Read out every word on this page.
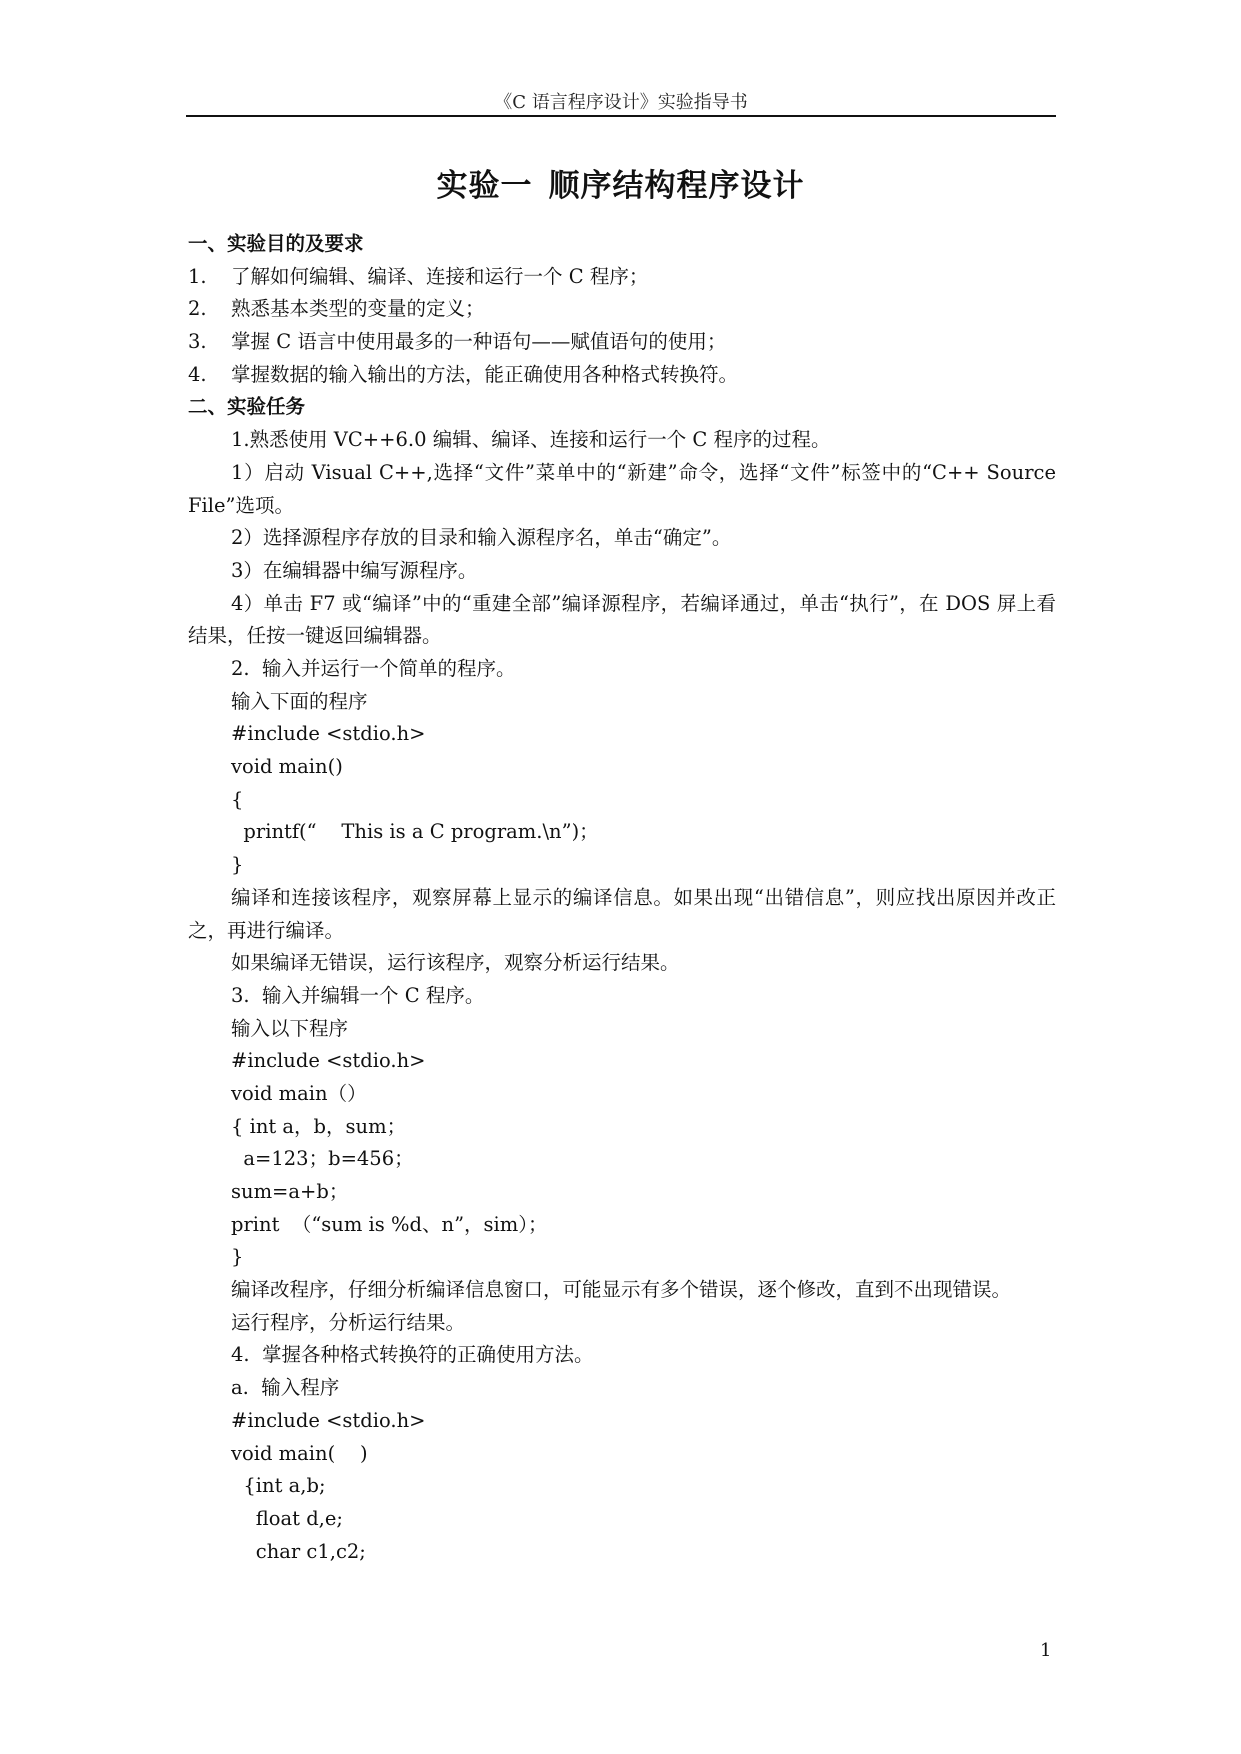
《C 语言程序设计》实验指导书
实验一 顺序结构程序设计
一、实验目的及要求
1. 了解如何编辑、编译、连接和运行一个 C 程序；
2. 熟悉基本类型的变量的定义；
3. 掌握 C 语言中使用最多的一种语句——赋值语句的使用；
4. 掌握数据的输入输出的方法，能正确使用各种格式转换符。
二、实验任务
1.熟悉使用 VC++6.0 编辑、编译、连接和运行一个 C 程序的过程。
1）启动 Visual C++,选择“文件”菜单中的“新建”命令，选择“文件”标签中的“C++ Source File”选项。
2）选择源程序存放的目录和输入源程序名，单击“确定”。
3）在编辑器中编写源程序。
4）单击 F7 或“编译”中的“重建全部”编译源程序，若编译通过，单击“执行”，在 DOS 屏上看结果，任按一键返回编辑器。
2.  输入并运行一个简单的程序。
输入下面的程序
#include <stdio.h>
void main()
{
printf(“    This is a C program.\n”)；
}
编译和连接该程序，观察屏幕上显示的编译信息。如果出现“出错信息”，则应找出原因并改正之，再进行编译。
如果编译无错误，运行该程序，观察分析运行结果。
3.  输入并编辑一个 C 程序。
输入以下程序
#include <stdio.h>
void main（）
{ int a，b，sum；
a=123；b=456；
sum=a+b；
print  （“sum is %d、n”，sim）；
}
编译改程序，仔细分析编译信息窗口，可能显示有多个错误，逐个修改，直到不出现错误。
运行程序，分析运行结果。
4.  掌握各种格式转换符的正确使用方法。
a.  输入程序
#include <stdio.h>
void main(    )
{int a,b;
float d,e;
char c1,c2;
1
